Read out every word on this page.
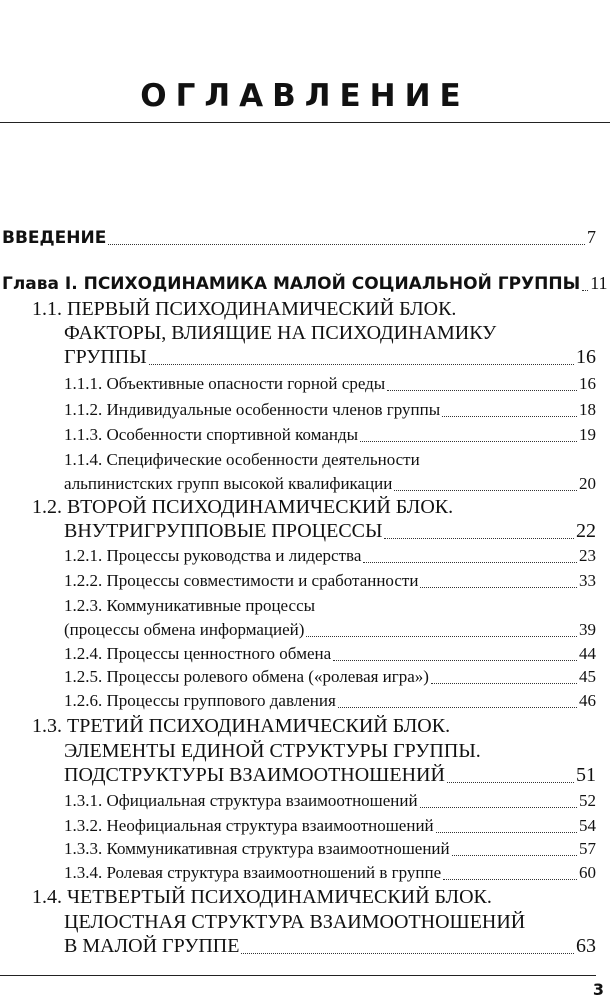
ОГЛАВЛЕНИЕ
ВВЕДЕНИЕ	7
Глава I. ПСИХОДИНАМИКА МАЛОЙ СОЦИАЛЬНОЙ ГРУППЫ 11
1.1. ПЕРВЫЙ ПСИХОДИНАМИЧЕСКИЙ БЛОК.
ФАКТОРЫ, ВЛИЯЩИЕ НА ПСИХОДИНАМИКУ
ГРУППЫ	16
1.1.1. Объективные опасности горной среды	16
1.1.2. Индивидуальные особенности членов группы	18
1.1.3. Особенности спортивной команды	19
1.1.4. Специфические особенности деятельности
альпинистских групп высокой квалификации	20
1.2. ВТОРОЙ ПСИХОДИНАМИЧЕСКИЙ БЛОК.
ВНУТРИГРУППОВЫЕ ПРОЦЕССЫ	22
1.2.1. Процессы руководства и лидерства	23
1.2.2. Процессы совместимости и сработанности	33
1.2.3. Коммуникативные процессы
(процессы обмена информацией)	39
1.2.4. Процессы ценностного обмена	44
1.2.5. Процессы ролевого обмена («ролевая игра»)	45
1.2.6. Процессы группового давления	46
1.3. ТРЕТИЙ ПСИХОДИНАМИЧЕСКИЙ БЛОК.
ЭЛЕМЕНТЫ ЕДИНОЙ СТРУКТУРЫ ГРУППЫ.
ПОДСТРУКТУРЫ ВЗАИМООТНОШЕНИЙ	51
1.3.1. Официальная структура взаимоотношений	52
1.3.2. Неофициальная структура взаимоотношений	54
1.3.3. Коммуникативная структура взаимоотношений	57
1.3.4. Ролевая структура взаимоотношений в группе	60
1.4. ЧЕТВЕРТЫЙ ПСИХОДИНАМИЧЕСКИЙ БЛОК.
ЦЕЛОСТНАЯ СТРУКТУРА ВЗАИМООТНОШЕНИЙ
В МАЛОЙ ГРУППЕ	63
3
